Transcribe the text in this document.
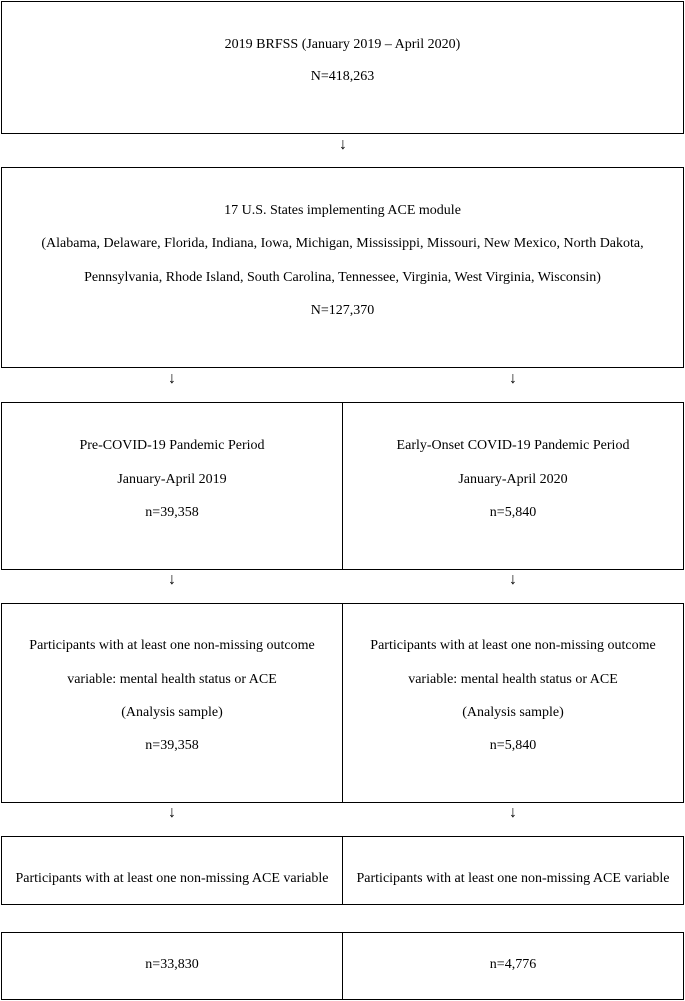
2019 BRFSS (January 2019 – April 2020)
N=418,263
↓
17 U.S. States implementing ACE module
(Alabama, Delaware, Florida, Indiana, Iowa, Michigan, Mississippi, Missouri, New Mexico, North Dakota,
Pennsylvania, Rhode Island, South Carolina, Tennessee, Virginia, West Virginia, Wisconsin)
N=127,370
↓	↓
Pre-COVID-19 Pandemic Period
January-April 2019
n=39,358
Early-Onset COVID-19 Pandemic Period
January-April 2020
n=5,840
↓	↓
Participants with at least one non-missing outcome
variable: mental health status or ACE
(Analysis sample)
n=39,358
Participants with at least one non-missing outcome
variable: mental health status or ACE
(Analysis sample)
n=5,840
↓	↓
Participants with at least one non-missing ACE variable	Participants with at least one non-missing ACE variable
n=33,830	n=4,776
